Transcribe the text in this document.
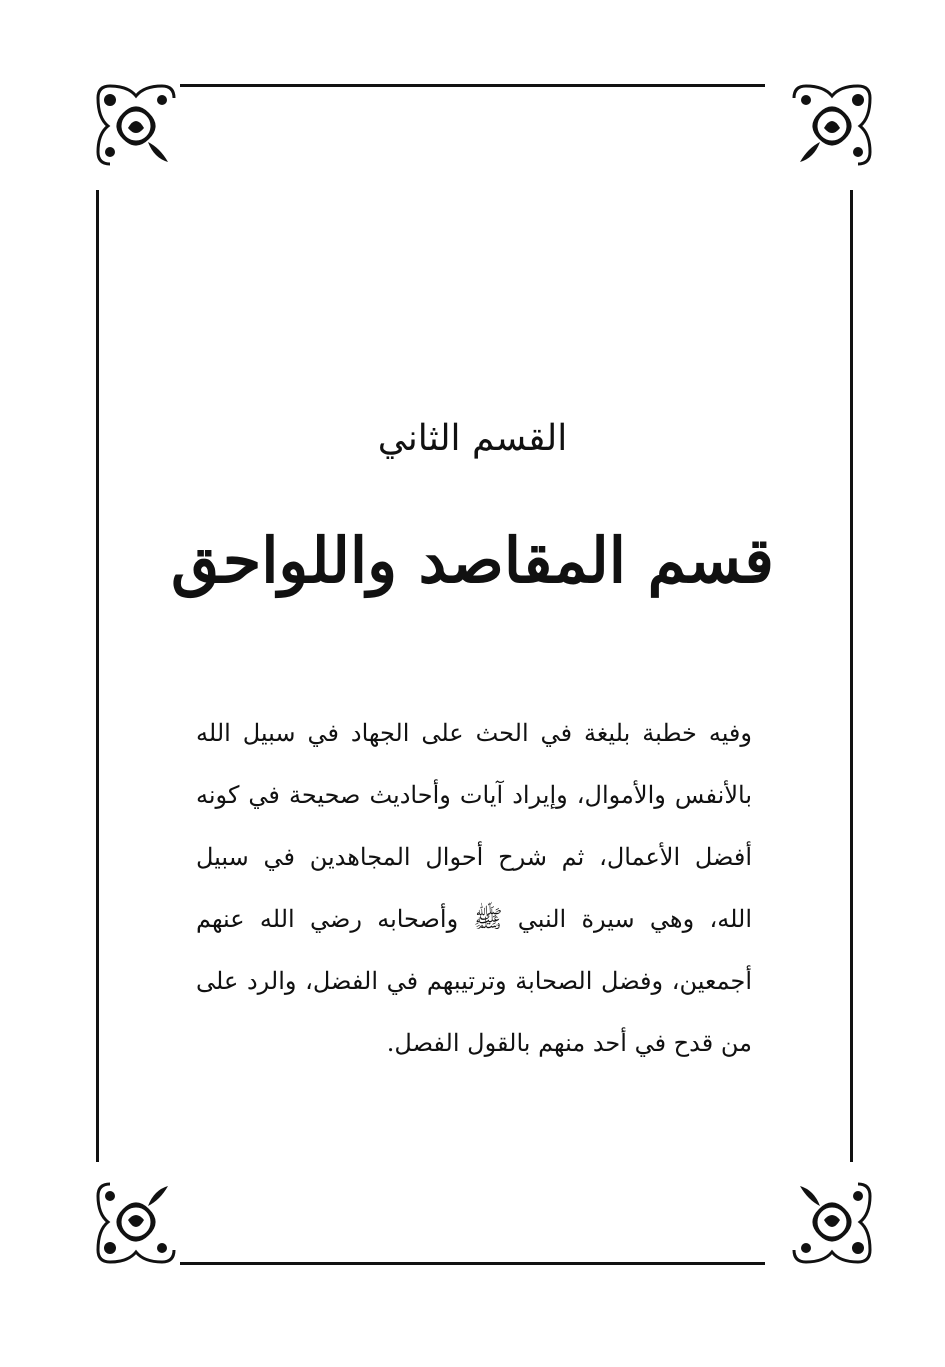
القسم الثاني
قسم المقاصد واللواحق
وفيه خطبة بليغة في الحث على الجهاد في سبيل الله بالأنفس والأموال، وإيراد آيات وأحاديث صحيحة في كونه أفضل الأعمال، ثم شرح أحوال المجاهدين في سبيل الله، وهي سيرة النبي ﷺ وأصحابه رضي الله عنهم أجمعين، وفضل الصحابة وترتيبهم في الفضل، والرد على من قدح في أحد منهم بالقول الفصل.
